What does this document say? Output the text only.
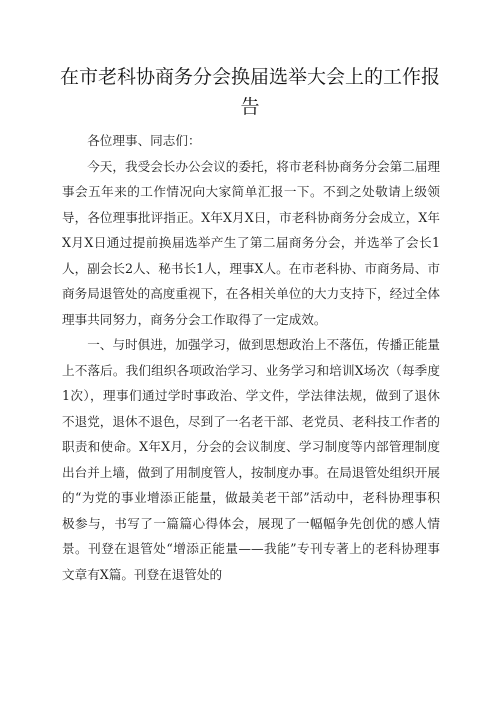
在市老科协商务分会换届选举大会上的工作报告

各位理事、同志们：

今天，我受会长办公会议的委托，将市老科协商务分会第二届理事会五年来的工作情况向大家简单汇报一下。不到之处敬请上级领导，各位理事批评指正。X年X月X日，市老科协商务分会成立，X年X月X日通过提前换届选举产生了第二届商务分会，并选举了会长1人，副会长2人、秘书长1人，理事X人。在市老科协、市商务局、市商务局退管处的高度重视下，在各相关单位的大力支持下，经过全体理事共同努力，商务分会工作取得了一定成效。

一、与时俱进，加强学习，做到思想政治上不落伍，传播正能量上不落后。我们组织各项政治学习、业务学习和培训X场次（每季度1次），理事们通过学时事政治、学文件，学法律法规，做到了退休不退党，退休不退色，尽到了一名老干部、老党员、老科技工作者的职责和使命。X年X月，分会的会议制度、学习制度等内部管理制度出台并上墙，做到了用制度管人，按制度办事。在局退管处组织开展的“为党的事业增添正能量，做最美老干部”活动中，老科协理事积极参与，书写了一篇篇心得体会，展现了一幅幅争先创优的感人情景。刊登在退管处“增添正能量——我能”专刊专著上的老科协理事文章有X篇。刊登在退管处的
